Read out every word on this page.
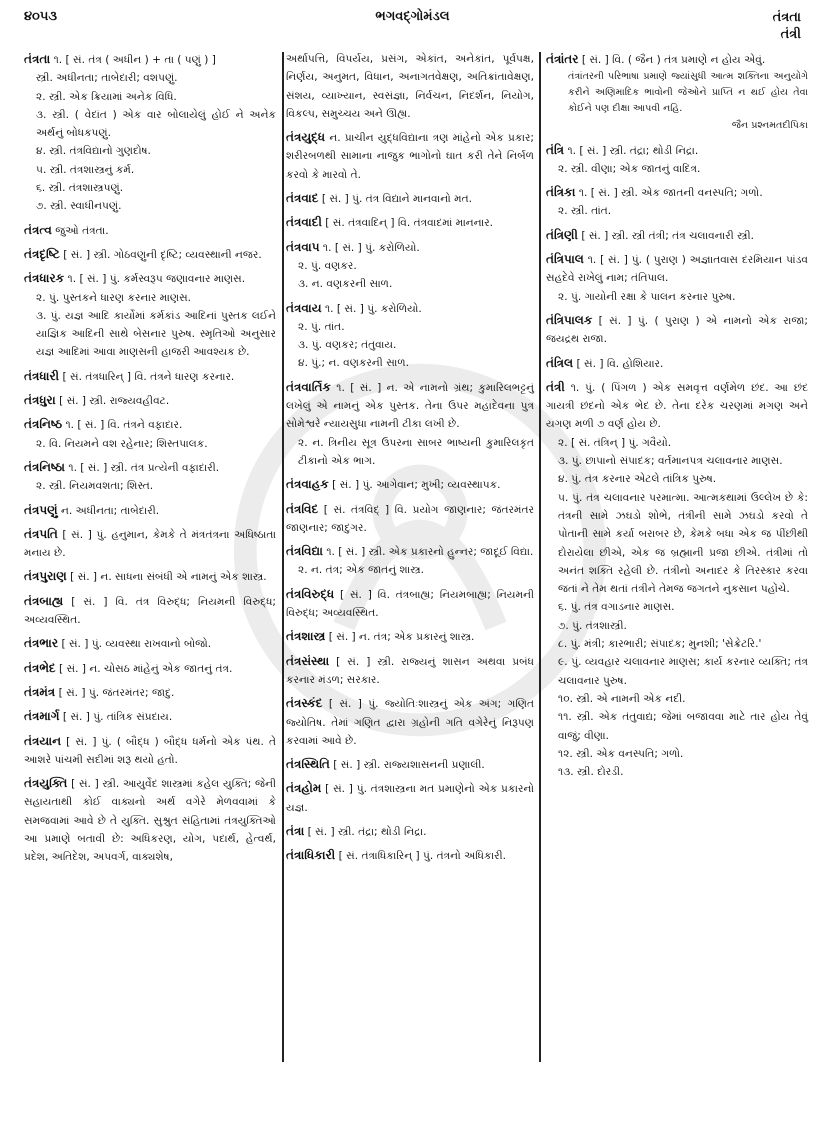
૪૦૫૩	ભગવદ્ગોમંડલ	તંત્રતા
તંત્રી
તંત્રતા ૧. [ સં. તંત્ર ( અધીન ) + તા ( પણું ) ]
સ્ત્રી. અધીનતા; તાબેદારી; વશપણું.
૨. સ્ત્રી. એક ક્રિયામાં અનેક વિધિ.
૩. સ્ત્રી. ( વેદાંત ) એક વાર બોલાયેલું હોઈ ને અનેક અર્થનું બોધકપણું.
૪. સ્ત્રી. તંત્રવિદ્યાનો ગુણદોષ.
૫. સ્ત્રી. તંત્રશાસ્ત્રનું કર્મ.
૬. સ્ત્રી. તંત્રશાસ્ત્રપણું.
૭. સ્ત્રી. સ્વાધીનપણું.
તંત્રત્વ જુઓ તંત્રતા.
તંત્રદૃષ્ટિ [ સં. ] સ્ત્રી. ગોઠવણુની દૃષ્ટિ; વ્યવસ્થાની નજર.
તંત્રધારક ૧. [ સં. ] પું. કર્મસ્વરૂપ જણાવનાર માણસ.
૨. પું. પુસ્તકને ધારણ કરનાર માણસ.
૩. પું. યજ્ઞ આદિ કાર્યોમાં કર્મકાંડ આદિનાં પુસ્તક લઈને યાજ્ઞિક આદિની સાથે બેસનાર પુરુષ. સ્મૃતિઓ અનુસાર યજ્ઞ આદિમાં આવા માણસની હાજરી આવશ્યક છે.
તંત્રધારી [ સં. તંત્રધારિન્ ] વિ. તંત્રને ધારણ કરનાર.
તંત્રધુરા [ સં. ] સ્ત્રી. રાજ્યવહીવટ.
તંત્રનિષ્ઠ ૧. [ સં. ] વિ. તંત્રને વફાદાર.
૨. વિ. નિયમને વશ રહેનાર; શિસ્તપાલક.
તંત્રનિષ્ઠા ૧. [ સં. ] સ્ત્રી. તંત્ર પ્રત્યેની વફાદારી.
૨. સ્ત્રી. નિયમવશતા; શિસ્ત.
તંત્રપણું ન. અધીનતા; તાબેદારી.
તંત્રપતિ [ સં. ] પું. હનુમાન, કેમકે તે મંત્રતંત્રના અધિષ્ઠાતા મનાય છે.
તંત્રપુરાણ [ સં. ] ન. સાધના સંબંધી એ નામનું એક શાસ્ત્ર.
તંત્રબાહ્ય [ સં. ] વિ. તંત્ર વિરુદ્ધ; નિયમની વિરુદ્ધ; અવ્યવસ્થિત.
તંત્રભાર [ સં. ] પું. વ્યવસ્થા રાખવાનો બોજો.
તંત્રભેદ [ સં. ] ન. ચોસઠ માંહેનું એક જાતનું તંત્ર.
તંત્રમંત્ર [ સં. ] પું. જંતરમંતર; જાદુ.
તંત્રમાર્ગ [ સં. ] પું. તાંત્રિક સંપ્રદાય.
તંત્રયાન [ સં. ] પું. ( બૌદ્ધ ) બૌદ્ધ ધર્મનો એક પંથ. તે આશરે પાંચમી સદીમાં શરૂ થયો હતો.
તંત્રયુક્તિ [ સં. ] સ્ત્રી. આયુર્વેદ શાસ્ત્રમાં કહેલ યુક્તિ; જેની સહાયતાથી કોઈ વાક્યનો અર્થ વગેરે મેળવવામાં કે સમજવામાં આવે છે તે યુક્તિ. સુશ્રુત સંહિતામાં તંત્રયુક્તિઓ આ પ્રમાણે બતાવી છે: અધિકરણ, યોગ, પદાર્થ, હેત્વર્થ, પ્રદેશ, અતિદેશ, અપવર્ગ, વાક્યશેષ,
અર્થાપત્તિ, વિપર્યય, પ્રસંગ, એકાંત, અનેકાંત, પૂર્વપક્ષ, નિર્ણય, અનુમત, વિધાન, અનાગતવેક્ષણ, અતિક્રાંતાવેક્ષણ, સંશય, વ્યાખ્યાન, સ્વસંજ્ઞા, નિર્વચન, નિદર્શન, નિયોગ, વિકલ્પ, સમુચ્ચય અને ઊહ્ય.
તંત્રયુદ્ધ ન. પ્રાચીન યુદ્ધવિદ્યાના ત્રણ માંહેનો એક પ્રકાર; શરીરબળથી સામાના નાજુક ભાગોનો ઘાત કરી તેને નિર્બળ કરવો કે મારવો તે.
તંત્રવાદ [ સં. ] પું. તંત્ર વિદ્યાને માનવાનો મત.
તંત્રવાદી [ સં. તંત્રવાદિન્ ] વિ. તંત્રવાદમાં માનનાર.
તંત્રવાપ ૧. [ સં. ] પું. કરોળિયો.
૨. પું. વણકર.
૩. ન. વણકરની સાળ.
તંત્રવાય ૧. [ સં. ] પું. કરોળિયો.
૨. પું. તાંત.
૩. પું. વણકર; તંતુવાય.
૪. પું.; ન. વણકરની સાળ.
તંત્રવાર્તિક ૧. [ સં. ] ન. એ નામનો ગ્રંથ; કુમારિલભટ્ટનું લખેલું એ નામનું એક પુસ્તક. તેના ઉપર મહાદેવના પુત્ર સોમેશ્વરે ન્યાયસુધા નામની ટીકા લખી છે.
૨. ન. ત્રિનીય સૂત્ર ઉપરના સાબર ભાષ્યની કુમારિલકૃત ટીકાનો એક ભાગ.
તંત્રવાહક [ સં. ] પું. આગેવાન; મુખી; વ્યવસ્થાપક.
તંત્રવિદ [ સં. તંત્રવિદ્ ] વિ. પ્રયોગ જાણનાર; જંતરમંતર જાણનાર; જાદુગર.
તંત્રવિદ્યા ૧. [ સં. ] સ્ત્રી. એક પ્રકારનો હુન્નર; જાદૂઈ વિદ્યા.
૨. ન. તંત્ર; એક જાતનું શાસ્ત્ર.
તંત્રવિરુદ્ધ [ સં. ] વિ. તંત્રબાહ્ય; નિયમબાહ્ય; નિયમની વિરુદ્ધ; અવ્યવસ્થિત.
તંત્રશાસ્ત્ર [ સં. ] ન. તંત્ર; એક પ્રકારનું શાસ્ત્ર.
તંત્રસંસ્થા [ સં. ] સ્ત્રી. રાજ્યનું શાસન અથવા પ્રબંધ કરનાર મંડળ; સરકાર.
તંત્રસ્કંદ [ સં. ] પું. જ્યોતિઃશાસ્ત્રનું એક અંગ; ગણિત જ્યોતિષ. તેમાં ગણિત દ્વારા ગ્રહોની ગતિ વગેરેનું નિરૂપણ કરવામાં આવે છે.
તંત્રસ્થિતિ [ સં. ] સ્ત્રી. રાજ્યશાસનની પ્રણાલી.
તંત્રહોમ [ સં. ] પું. તંત્રશાસ્ત્રના મત પ્રમાણેનો એક પ્રકારનો યજ્ઞ.
તંત્રા [ સં. ] સ્ત્રી. તંદ્રા; થોડી નિદ્રા.
તંત્રાધિકારી [ સં. તંત્રાધિકારિન્ ] પું. તંત્રનો અધિકારી.
તંત્રાંતર [ સં. ] વિ. ( જૈન ) તંત્ર પ્રમાણે ન હોય એવું.
તંત્રાંતરની પરિભાષા પ્રમાણે જ્યાંસુધી આત્મ શક્તિના અનુયોગે કરીને અણિમાદિક ભાવોની જેઓને પ્રાપ્તિ ન થઈ હોય તેવા કોઈને પણ દીક્ષા આપવી નહિ.
જૈન પ્રશ્નમતદીપિકા
તંત્રિ ૧. [ સં. ] સ્ત્રી. તંદ્રા; થોડી નિદ્રા.
૨. સ્ત્રી. વીણા; એક જાતનું વાદિત્ર.
તંત્રિકા ૧. [ સં. ] સ્ત્રી. એક જાતની વનસ્પતિ; ગળો.
૨. સ્ત્રી. તાંત.
તંત્રિણી [ સં. ] સ્ત્રી. સ્ત્રી તંત્રી; તંત્ર ચલાવનારી સ્ત્રી.
તંત્રિપાલ ૧. [ સં. ] પું. ( પુરાણ ) અજ્ઞાતવાસ દરમિયાન પાંડવ સહદેવે રાખેલું નામ; તંતિપાલ.
૨. પું. ગાયોની રક્ષા કે પાલન કરનાર પુરુષ.
તંત્રિપાલક [ સં. ] પું. ( પુરાણ ) એ નામનો એક રાજા; જયદ્રથ રાજા.
તંત્રિલ [ સં. ] વિ. હોશિયાર.
તંત્રી ૧. પું. ( પિંગળ ) એક સમવૃત્ત વર્ણમેળ છંદ. આ છંદ ગાયત્રી છંદનો એક ભેદ છે. તેના દરેક ચરણમાં મગણ અને યગણ મળી ૭ વર્ણ હોય છે.
૨. [ સં. તંત્રિન્ ] પું. ગવૈયો.
૩. પું. છાપાનો સંપાદક; વર્તમાનપત્ર ચલાવનાર માણસ.
૪. પું. તંત્ર કરનાર એટલે તાંત્રિક પુરુષ.
૫. પું. તંત્ર ચલાવનાર પરમાત્મા. આત્મકથામાં ઉલ્લેખ છે કે: તંત્રની સામે ઝઘડો શોભે, તંત્રીની સામે ઝઘડો કરવો તે પોતાની સામે કર્યા બરાબર છે, કેમકે બધા એક જ પીંછીથી દોરાયેલા છીએ, એક જ બ્રહ્માની પ્રજા છીએ. તંત્રીમાં તો અનંત શક્તિ રહેલી છે. તંત્રીનો અનાદર કે તિરસ્કાર કરવા જતાં ને તેમ થતાં તંત્રીને તેમજ જગતને નુકસાન પહોંચે.
૬. પું. તંત્ર વગાડનાર માણસ.
૭. પું. તંત્રશાસ્ત્રી.
૮. પું. મંત્રી; કારભારી; સંપાદક; મુનશી; 'સેક્રેટરિ.'
૯. પું. વ્યવહાર ચલાવનાર માણસ; કાર્ય કરનાર વ્યક્તિ; તંત્ર ચલાવનાર પુરુષ.
૧૦. સ્ત્રી. એ નામની એક નદી.
૧૧. સ્ત્રી. એક તંતુવાદ્ય; જેમાં બજાવવા માટે તાર હોય તેવું વાજું; વીણા.
૧૨. સ્ત્રી. એક વનસ્પતિ; ગળો.
૧૩. સ્ત્રી. દોરડી.
